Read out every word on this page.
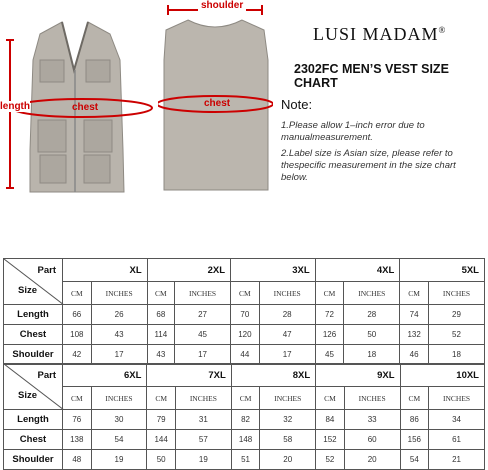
shoulder
chest	chest
length
LUSI MADAM®
2302FC MEN’S VEST SIZE CHART
Note:
1.Please allow 1–inch error due to manualmeasurement.
2.Label size is Asian size, please refer to thespecific measurement in the size chart below.
Part
Size	XL		2XL		3XL		4XL		5XL	
	CM	INCHES	CM	INCHES	CM	INCHES	CM	INCHES	CM	INCHES
Length	66	26	68	27	70	28	72	28	74	29
Chest	108	43	114	45	120	47	126	50	132	52
Shoulder	42	17	43	17	44	17	45	18	46	18
Part
Size	6XL		7XL		8XL		9XL		10XL	
	CM	INCHES	CM	INCHES	CM	INCHES	CM	INCHES	CM	INCHES
Length	76	30	79	31	82	32	84	33	86	34
Chest	138	54	144	57	148	58	152	60	156	61
Shoulder	48	19	50	19	51	20	52	20	54	21
